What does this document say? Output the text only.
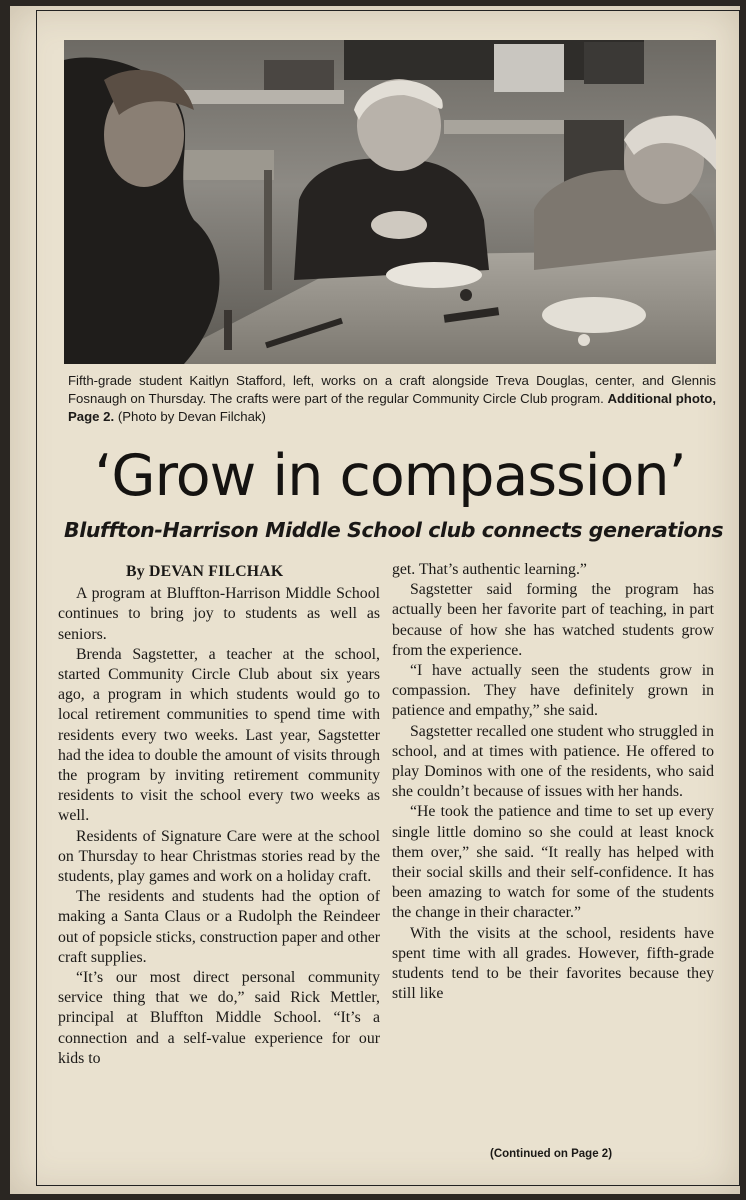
Fifth-grade student Kaitlyn Stafford, left, works on a craft alongside Treva Douglas, center, and Glennis Fosnaugh on Thursday. The crafts were part of the regular Community Circle Club program. Additional photo, Page 2. (Photo by Devan Filchak)
‘Grow in compassion’
Bluffton-Harrison Middle School club connects generations
By DEVAN FILCHAK

A program at Bluffton-Harrison Middle School continues to bring joy to students as well as seniors.

Brenda Sagstetter, a teacher at the school, started Community Circle Club about six years ago, a program in which students would go to local retirement communities to spend time with residents every two weeks. Last year, Sagstetter had the idea to double the amount of visits through the program by inviting retirement community residents to visit the school every two weeks as well.

Residents of Signature Care were at the school on Thursday to hear Christmas stories read by the students, play games and work on a holiday craft.

The residents and students had the option of making a Santa Claus or a Rudolph the Reindeer out of popsicle sticks, construction paper and other craft supplies.

“It’s our most direct personal community service thing that we do,” said Rick Mettler, principal at Bluffton Middle School. “It’s a connection and a self-value experience for our kids to

get. That’s authentic learning.”

Sagstetter said forming the program has actually been her favorite part of teaching, in part because of how she has watched students grow from the experience.

“I have actually seen the students grow in compassion. They have definitely grown in patience and empathy,” she said.

Sagstetter recalled one student who struggled in school, and at times with patience. He offered to play Dominos with one of the residents, who said she couldn’t because of issues with her hands.

“He took the patience and time to set up every single little domino so she could at least knock them over,” she said. “It really has helped with their social skills and their self-confidence. It has been amazing to watch for some of the students the change in their character.”

With the visits at the school, residents have spent time with all grades. However, fifth-grade students tend to be their favorites because they still like

(Continued on Page 2)
